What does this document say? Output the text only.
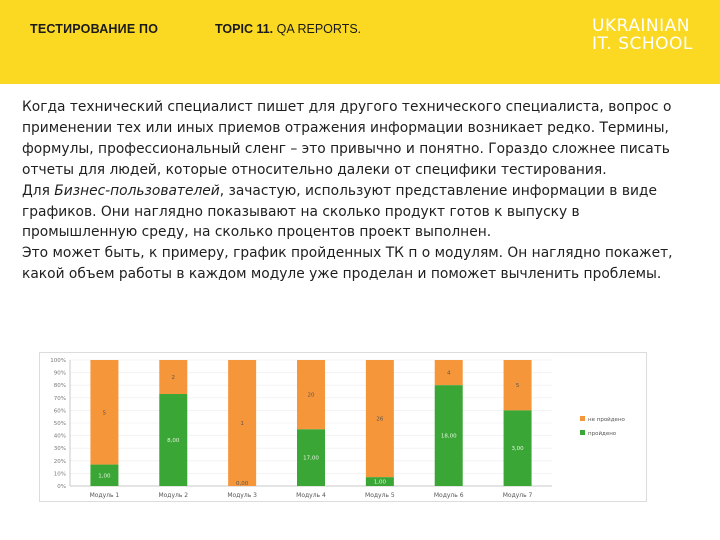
ТЕСТИРОВАНИЕ ПО	TOPIC 11. QA REPORTS.	UKRAINIAN
IT. SCHOOL

Когда технический специалист пишет для другого технического специалиста, вопрос о применении тех или иных приемов отражения информации возникает редко. Термины, формулы, профессиональный сленг – это привычно и понятно. Гораздо сложнее писать отчеты для людей, которые относительно далеки от специфики тестирования.

Для Бизнес-пользователей, зачастую, используют представление информации в виде графиков. Они наглядно показывают на сколько продукт готов к выпуску в промышленную среду, на сколько процентов проект выполнен.

Это может быть, к примеру, график пройденных ТК п о модулям. Он наглядно покажет, какой объем работы в каждом модуле уже проделан и поможет вычленить проблемы.

0%
10%
20%
30%
40%
50%
60%
70%
80%
90%
100%
5
1,00
Модуль 1
2
8,00
Модуль 2
1
0,00
Модуль 3
20
17,00
Модуль 4
26
1,00
Модуль 5
4
18,00
Модуль 6
5
3,00
Модуль 7
не пройдено
пройдено
